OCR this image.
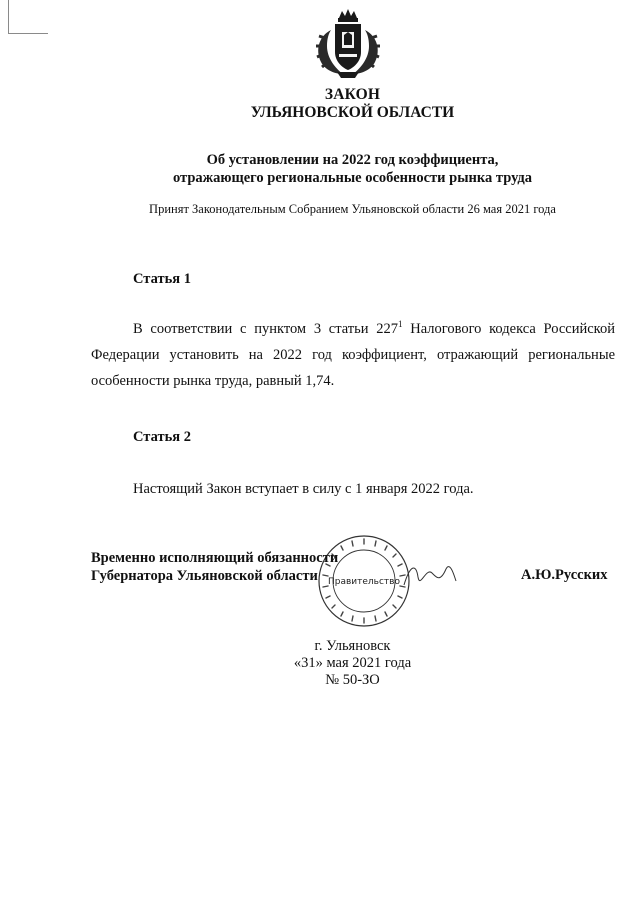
ЗАКОН
УЛЬЯНОВСКОЙ ОБЛАСТИ
Об установлении на 2022 год коэффициента,
отражающего региональные особенности рынка труда
Принят Законодательным Собранием Ульяновской области 26 мая 2021 года
Статья 1
В соответствии с пунктом 3 статьи $227^1$ Налогового кодекса Российской Федерации установить на 2022 год коэффициент, отражающий региональные особенности рынка труда, равный 1,74.
Статья 2
Настоящий Закон вступает в силу с 1 января 2022 года.
Правительство
Временно исполняющий обязанности
Губернатора Ульяновской области	А.Ю.Русских
г. Ульяновск
«31» мая 2021 года
№ 50-ЗО
